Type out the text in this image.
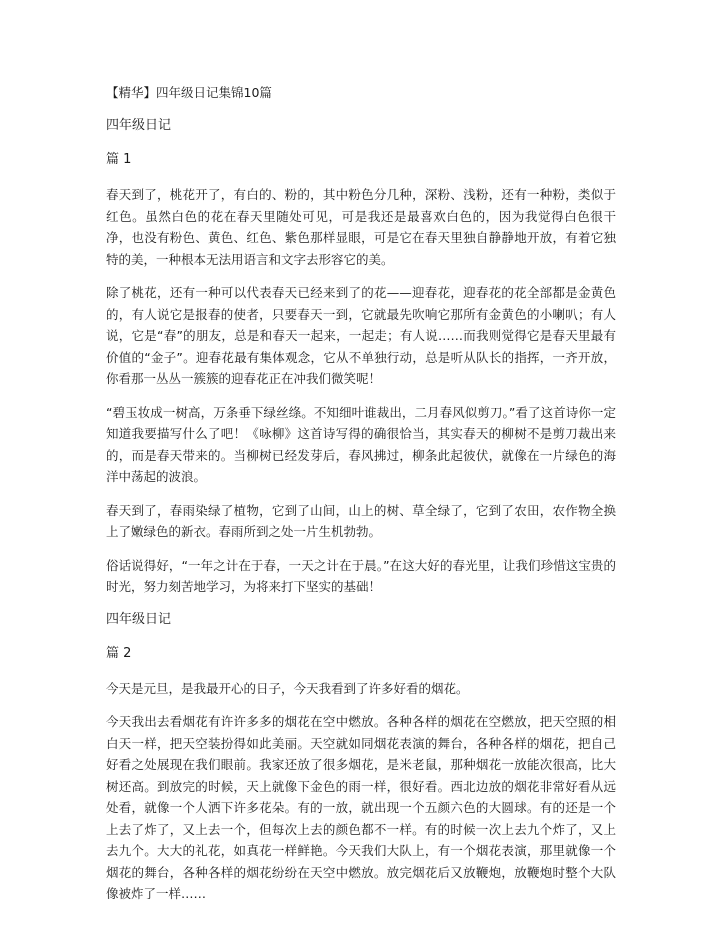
【精华】四年级日记集锦10篇
四年级日记
篇 1

春天到了，桃花开了，有白的、粉的，其中粉色分几种，深粉、浅粉，还有一种粉，类似于红色。虽然白色的花在春天里随处可见，可是我还是最喜欢白色的，因为我觉得白色很干净，也没有粉色、黄色、红色、紫色那样显眼，可是它在春天里独自静静地开放，有着它独特的美，一种根本无法用语言和文字去形容它的美。

除了桃花，还有一种可以代表春天已经来到了的花——迎春花，迎春花的花全部都是金黄色的，有人说它是报春的使者，只要春天一到，它就最先吹响它那所有金黄色的小喇叭；有人说，它是“春”的朋友，总是和春天一起来，一起走；有人说……而我则觉得它是春天里最有价值的“金子”。迎春花最有集体观念，它从不单独行动，总是听从队长的指挥，一齐开放，你看那一丛丛一簇簇的迎春花正在冲我们微笑呢！

“碧玉妆成一树高，万条垂下绿丝绦。不知细叶谁裁出，二月春风似剪刀。”看了这首诗你一定知道我要描写什么了吧！《咏柳》这首诗写得的确很恰当，其实春天的柳树不是剪刀裁出来的，而是春天带来的。当柳树已经发芽后，春风拂过，柳条此起彼伏，就像在一片绿色的海洋中荡起的波浪。

春天到了，春雨染绿了植物，它到了山间，山上的树、草全绿了，它到了农田，农作物全换上了嫩绿色的新衣。春雨所到之处一片生机勃勃。

俗话说得好，“一年之计在于春，一天之计在于晨。”在这大好的春光里，让我们珍惜这宝贵的时光，努力刻苦地学习，为将来打下坚实的基础！

四年级日记
篇 2

今天是元旦，是我最开心的日子，今天我看到了许多好看的烟花。

今天我出去看烟花有许许多多的烟花在空中燃放。各种各样的烟花在空燃放，把天空照的相白天一样，把天空装扮得如此美丽。天空就如同烟花表演的舞台，各种各样的烟花，把自己好看之处展现在我们眼前。我家还放了很多烟花，是米老鼠，那种烟花一放能次很高，比大树还高。到放完的时候，天上就像下金色的雨一样，很好看。西北边放的烟花非常好看从远处看，就像一个人洒下许多花朵。有的一放，就出现一个五颜六色的大圆球。有的还是一个上去了炸了，又上去一个，但每次上去的颜色都不一样。有的时候一次上去九个炸了，又上去九个。大大的礼花，如真花一样鲜艳。今天我们大队上，有一个烟花表演，那里就像一个烟花的舞台，各种各样的烟花纷纷在天空中燃放。放完烟花后又放鞭炮，放鞭炮时整个大队像被炸了一样……
